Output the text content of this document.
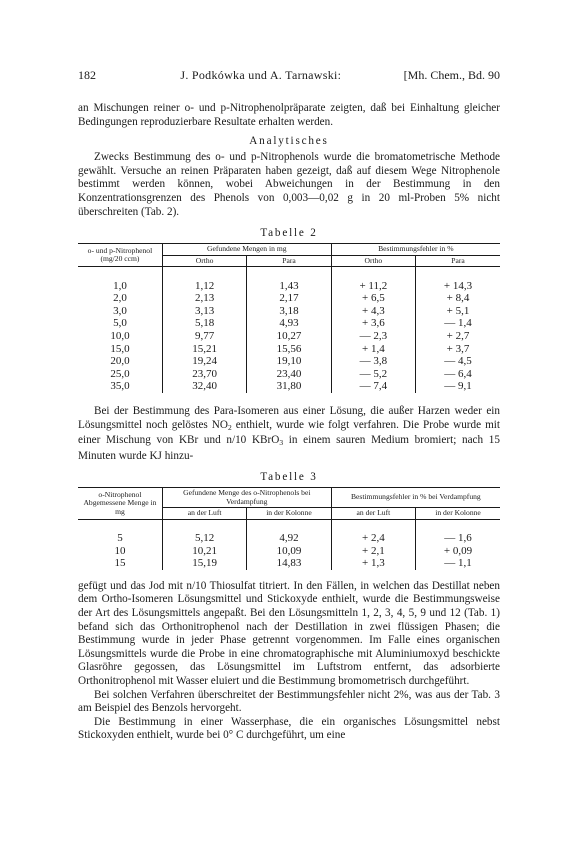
182	J. Podkówka und A. Tarnawski:	[Mh. Chem., Bd. 90

an Mischungen reiner o- und p-Nitrophenolpräparate zeigten, daß bei Einhaltung gleicher Bedingungen reproduzierbare Resultate erhalten werden.

Analytisches

Zwecks Bestimmung des o- und p-Nitrophenols wurde die bromatometrische Methode gewählt. Versuche an reinen Präparaten haben gezeigt, daß auf diesem Wege Nitrophenole bestimmt werden können, wobei Abweichungen in der Bestimmung in den Konzentrationsgrenzen des Phenols von 0,003—0,02 g in 20 ml-Proben 5% nicht überschreiten (Tab. 2).

Tabelle 2
o- und p-Nitrophenol (mg/20 ccm)	Gefundene Mengen in mg		Bestimmungsfehler in %	
	Ortho	Para	Ortho	Para

1,0	1,12	1,43	+ 11,2	+ 14,3
2,0	2,13	2,17	+ 6,5	+ 8,4
3,0	3,13	3,18	+ 4,3	+ 5,1
5,0	5,18	4,93	+ 3,6	— 1,4
10,0	9,77	10,27	— 2,3	+ 2,7
15,0	15,21	15,56	+ 1,4	+ 3,7
20,0	19,24	19,10	— 3,8	— 4,5
25,0	23,70	23,40	— 5,2	— 6,4
35,0	32,40	31,80	— 7,4	— 9,1

Bei der Bestimmung des Para-Isomeren aus einer Lösung, die außer Harzen weder ein Lösungsmittel noch gelöstes $NO_2$ enthielt, wurde wie folgt verfahren. Die Probe wurde mit einer Mischung von KBr und n/10 KBrO$_3$ in einem sauren Medium bromiert; nach 15 Minuten wurde KJ hinzu-

Tabelle 3
o-Nitrophenol Abgemessene Menge in mg	Gefundene Menge des o-Nitrophenols bei Verdampfung		Bestimmungsfehler in % bei Verdampfung	
	an der Luft	in der Kolonne	an der Luft	in der Kolonne

5	5,12	4,92	+ 2,4	— 1,6
10	10,21	10,09	+ 2,1	+ 0,09
15	15,19	14,83	+ 1,3	— 1,1

gefügt und das Jod mit n/10 Thiosulfat titriert. In den Fällen, in welchen das Destillat neben dem Ortho-Isomeren Lösungsmittel und Stickoxyde enthielt, wurde die Bestimmungsweise der Art des Lösungsmittels angepaßt. Bei den Lösungsmitteln 1, 2, 3, 4, 5, 9 und 12 (Tab. 1) befand sich das Orthonitrophenol nach der Destillation in zwei flüssigen Phasen; die Bestimmung wurde in jeder Phase getrennt vorgenommen. Im Falle eines organischen Lösungsmittels wurde die Probe in eine chromatographische mit Aluminiumoxyd beschickte Glasröhre gegossen, das Lösungsmittel im Luftstrom entfernt, das adsorbierte Orthonitrophenol mit Wasser eluiert und die Bestimmung bromometrisch durchgeführt.

Bei solchen Verfahren überschreitet der Bestimmungsfehler nicht 2%, was aus der Tab. 3 am Beispiel des Benzols hervorgeht.

Die Bestimmung in einer Wasserphase, die ein organisches Lösungsmittel nebst Stickoxyden enthielt, wurde bei 0° C durchgeführt, um eine
